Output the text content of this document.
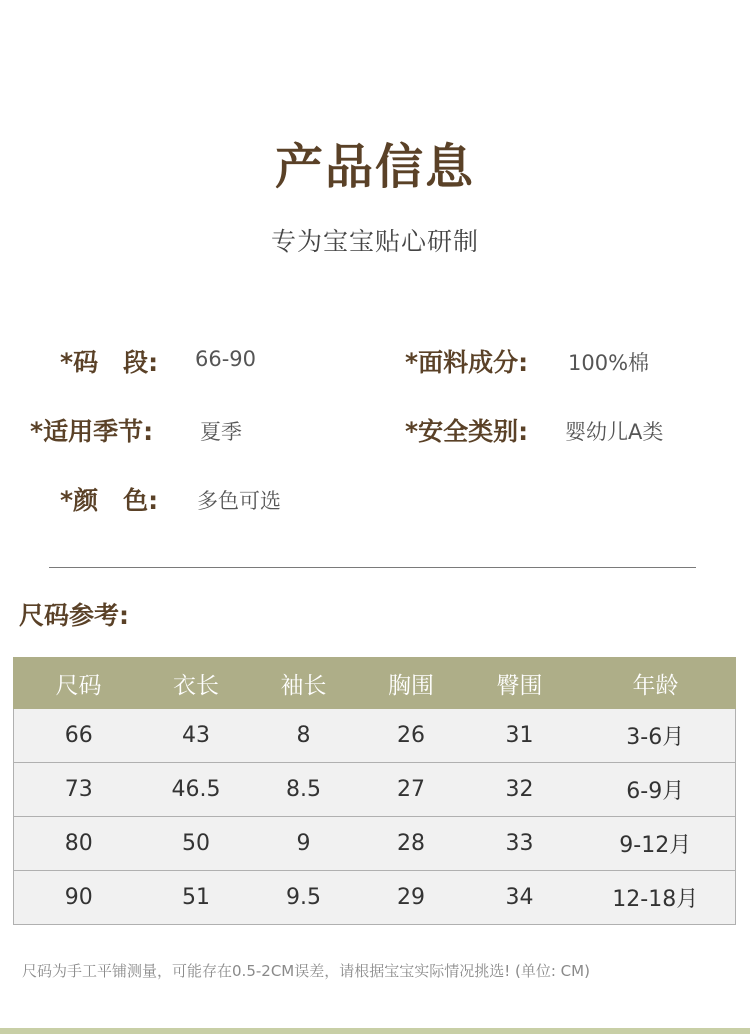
产品信息
专为宝宝贴心研制
*码　段: 66-90	*面料成分: 100%棉
*适用季节: 夏季	*安全类别: 婴幼儿A类
*颜　色: 多色可选
尺码参考:
尺码	衣长	袖长	胸围	臀围	年龄
66	43	8	26	31	3-6月
73	46.5	8.5	27	32	6-9月
80	50	9	28	33	9-12月
90	51	9.5	29	34	12-18月
尺码为手工平铺测量，可能存在0.5-2CM误差，请根据宝宝实际情况挑选! (单位: CM)
